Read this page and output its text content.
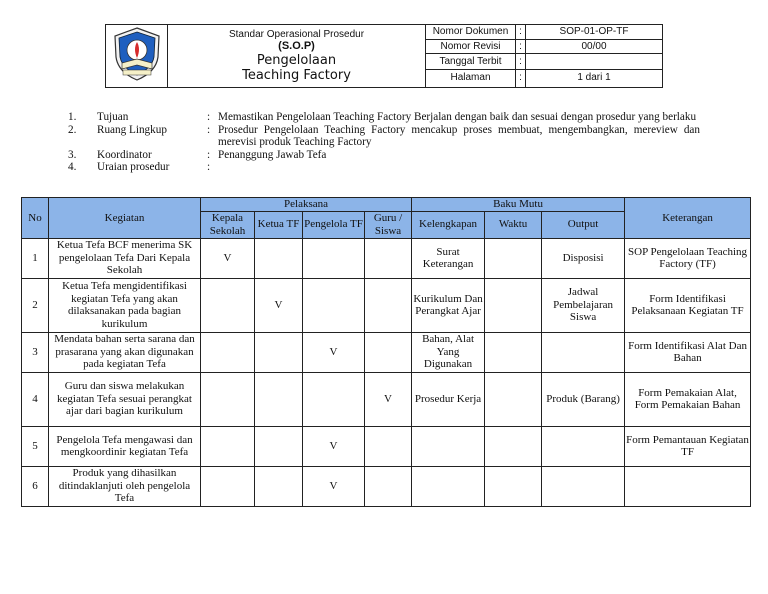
Standar Operasional Prosedur
(S.O.P)
Pengelolaan
Teaching Factory	Nomor Dokumen	:	SOP-01-OP-TF
		Nomor Revisi	:	00/00
		Tanggal Terbit	:	
		Halaman	:	1 dari 1
1.	Tujuan	: Memastikan Pengelolaan Teaching Factory Berjalan dengan baik dan sesuai dengan prosedur yang berlaku
2.	Ruang Lingkup	: Prosedur Pengelolaan Teaching Factory mencakup proses membuat, mengembangkan, mereview dan merevisi produk Teaching Factory
3.	Koordinator	: Penanggung Jawab Tefa
4.	Uraian prosedur	:
No	Kegiatan	Pelaksana				Baku Mutu			Keterangan
		Kepala Sekolah	Ketua TF	Pengelola TF	Guru / Siswa	Kelengkapan	Waktu	Output	
1	Ketua Tefa BCF menerima SK pengelolaan Tefa Dari Kepala Sekolah	V				Surat Keterangan		Disposisi	SOP Pengelolaan Teaching Factory (TF)
2	Ketua Tefa mengidentifikasi kegiatan Tefa yang akan dilaksanakan pada bagian kurikulum		V			Kurikulum Dan Perangkat Ajar		Jadwal Pembelajaran Siswa	Form Identifikasi Pelaksanaan Kegiatan TF
3	Mendata bahan serta sarana dan prasarana yang akan digunakan pada kegiatan Tefa			V		Bahan, Alat Yang Digunakan			Form Identifikasi Alat Dan Bahan
4	Guru dan siswa melakukan kegiatan Tefa sesuai perangkat ajar dari bagian kurikulum				V	Prosedur Kerja		Produk (Barang)	Form Pemakaian Alat, Form Pemakaian Bahan
5	Pengelola Tefa mengawasi dan mengkoordinir kegiatan Tefa			V					Form Pemantauan Kegiatan TF
6	Produk yang dihasilkan ditindaklanjuti oleh pengelola Tefa			V					
